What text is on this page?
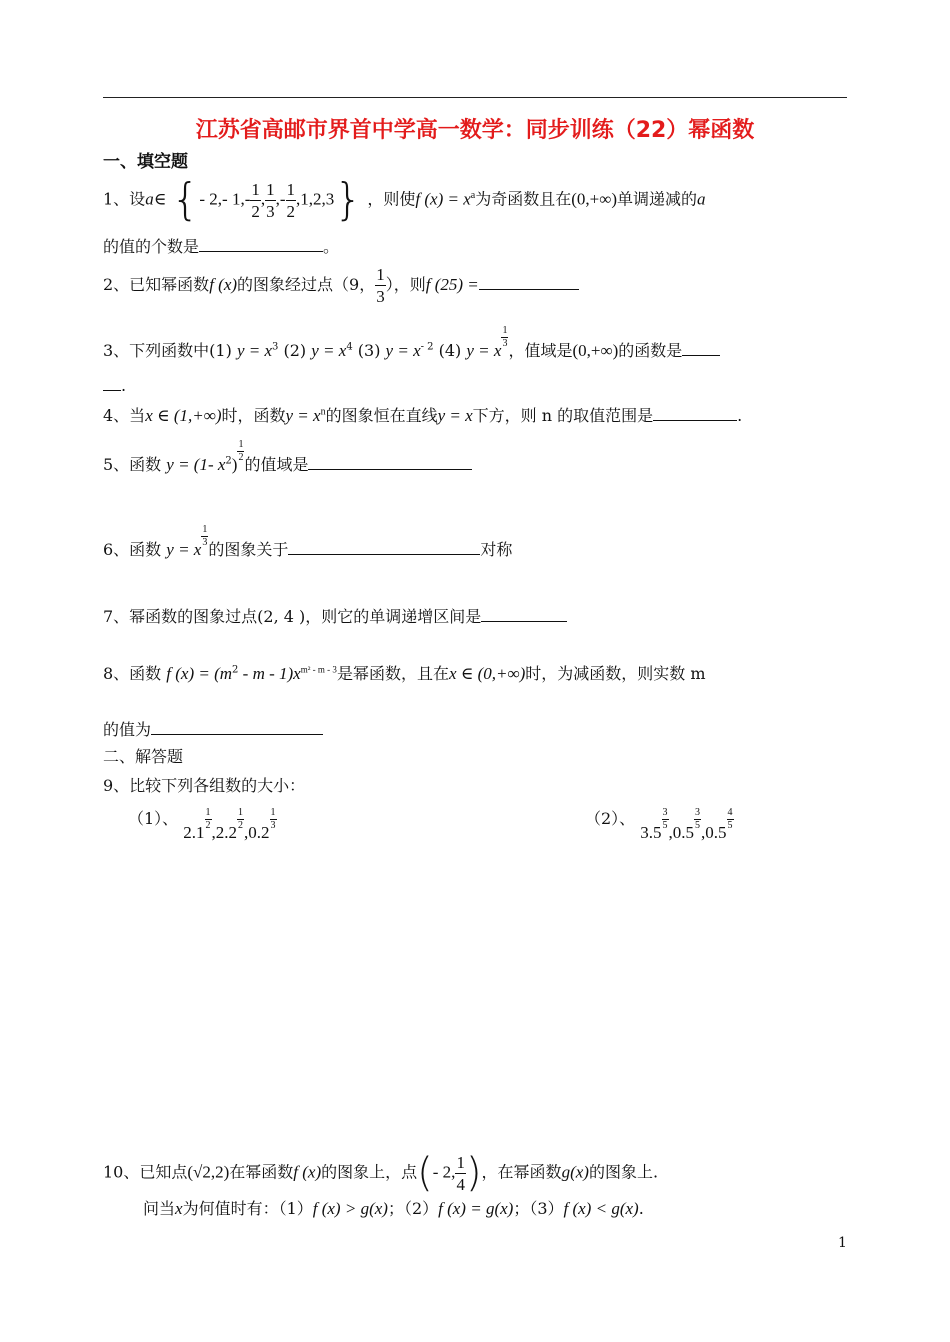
江苏省高邮市界首中学高一数学：同步训练（22）幂函数
一、填空题
1、设a∈ {- 2,- $1,- \frac{1}{2}$ , $\frac{1}{3}$ ,- $\frac{1}{2} ,1,2,3$} ，则使f $(x) = x^a$为奇函数且在(0,+∞)单调递减的a
的值的个数是	。
2、已知幂函数f (x)的图象经过点（9， $\frac{1}{3}$ ），则f (25) =
3、下列函数中(1) $y = x^3$ (2) $y = x^4$ (3) $y = x^{- 2}$ (4) y = x
$\frac{1}{3}$
，值域是(0,+∞)的函数是
.
4、当x ∈ (1,+∞)时，函数$y = x^n$的图象恒在直线y = x下方，则 n 的取值范围是	.
5、函数 y = (1- $x^2$)
$\frac{1}{2}$
的值域是
6、函数 y = x
$\frac{1}{3}$
的图象关于	对称
7、幂函数的图象过点(2, 4 )，则它的单调递增区间是
8、函数 f $(x) = (m^2 - m - 1)x^{m^2 - m - 3}$是幂函数，且在x ∈ (0,+∞)时，为减函数，则实数 m
的值为
二、解答题
9、比较下列各组数的大小：
（1）、 2.1
$\frac{1}{2}$
,2.2
$\frac{1}{2}$
,0.2
$\frac{1}{3}$	（2）、 3.5
$\frac{3}{5}$
,0.5
$\frac{3}{5}$
,0.5
$\frac{4}{5}$
10、已知点(√2,2)在幂函数f (x)的图象上，点(- 2, $\frac{1}{4}$ )，在幂函数g(x)的图象上.
问当x为何值时有：（1）f (x) > g(x)；（2）f (x) = g(x)；（3）f (x) < g(x).
1
